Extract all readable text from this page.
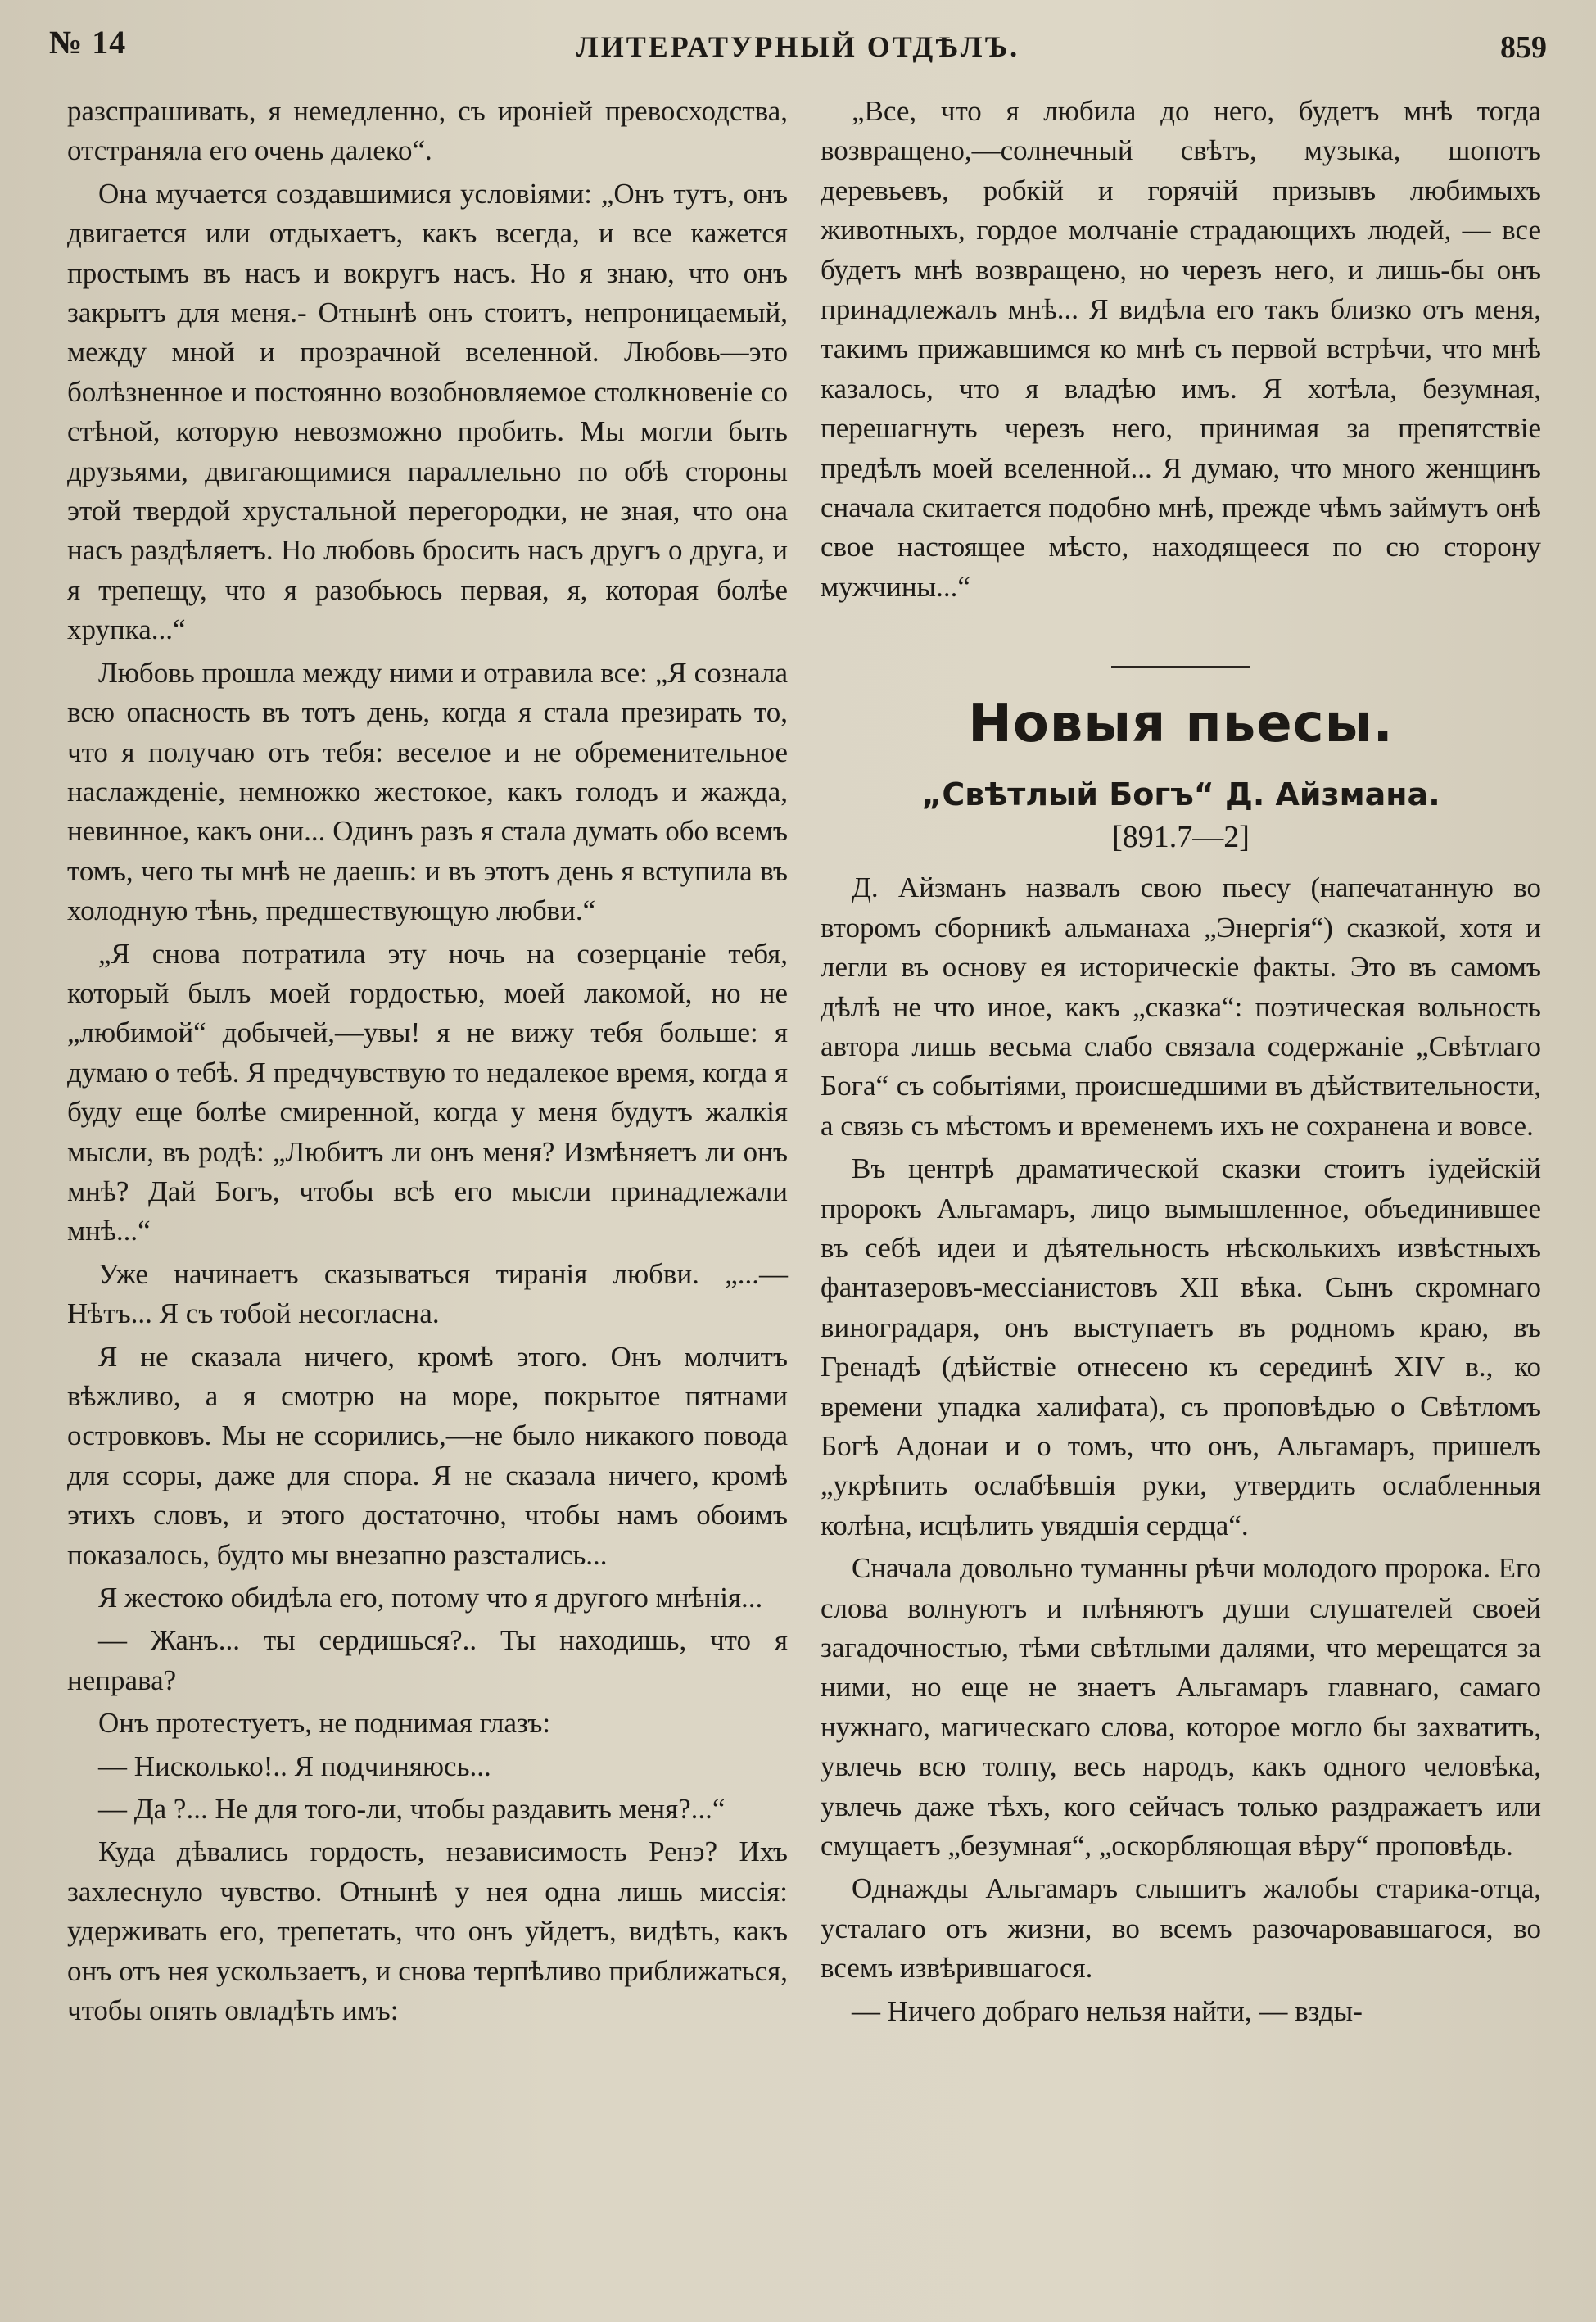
№ 14	ЛИТЕРАТУРНЫЙ ОТДѢЛЪ.	859

разспрашивать, я немедленно, съ ироніей превосходства, отстраняла его очень далеко“.

Она мучается создавшимися условіями: „Онъ тутъ, онъ двигается или отдыхаетъ, какъ всегда, и все кажется простымъ въ насъ и вокругъ насъ. Но я знаю, что онъ закрытъ для меня.- Отнынѣ онъ стоитъ, непроницаемый, между мной и прозрачной вселенной. Любовь—это болѣзненное и постоянно возобновляемое столкновеніе со стѣной, которую невозможно пробить. Мы могли быть друзьями, двигающимися параллельно по обѣ стороны этой твердой хрустальной перегородки, не зная, что она насъ раздѣляетъ. Но любовь бросить насъ другъ о друга, и я трепещу, что я разобьюсь первая, я, которая болѣе хрупка...“

Любовь прошла между ними и отравила все: „Я сознала всю опасность въ тотъ день, когда я стала презирать то, что я получаю отъ тебя: веселое и не обременительное наслажденіе, немножко жестокое, какъ голодъ и жажда, невинное, какъ они... Одинъ разъ я стала думать обо всемъ томъ, чего ты мнѣ не даешь: и въ этотъ день я вступила въ холодную тѣнь, предшествующую любви.“

„Я снова потратила эту ночь на созерцаніе тебя, который былъ моей гордостью, моей лакомой, но не „любимой“ добычей,—увы! я не вижу тебя больше: я думаю о тебѣ. Я предчувствую то недалекое время, когда я буду еще болѣе смиренной, когда у меня будутъ жалкія мысли, въ родѣ: „Любитъ ли онъ меня? Измѣняетъ ли онъ мнѣ? Дай Богъ, чтобы всѣ его мысли принадлежали мнѣ...“

Уже начинаетъ сказываться тиранія любви. „...— Нѣтъ... Я съ тобой несогласна.

Я не сказала ничего, кромѣ этого. Онъ молчитъ вѣжливо, а я смотрю на море, покрытое пятнами островковъ. Мы не ссорились,—не было никакого повода для ссоры, даже для спора. Я не сказала ничего, кромѣ этихъ словъ, и этого достаточно, чтобы намъ обоимъ показалось, будто мы внезапно разстались...

Я жестоко обидѣла его, потому что я другого мнѣнія...

— Жанъ... ты сердишься?.. Ты находишь, что я неправа?

Онъ протестуетъ, не поднимая глазъ:

— Нисколько!.. Я подчиняюсь...

— Да ?... Не для того-ли, чтобы раздавить меня?...“

Куда дѣвались гордость, независимость Ренэ? Ихъ захлеснуло чувство. Отнынѣ у нея одна лишь миссія: удерживать его, трепетать, что онъ уйдетъ, видѣть, какъ онъ отъ нея ускользаетъ, и снова терпѣливо приближаться, чтобы опять овладѣть имъ:

„Все, что я любила до него, будетъ мнѣ тогда возвращено,—солнечный свѣтъ, музыка, шопотъ деревьевъ, робкій и горячій призывъ любимыхъ животныхъ, гордое молчаніе страдающихъ людей, — все будетъ мнѣ возвращено, но черезъ него, и лишь-бы онъ принадлежалъ мнѣ... Я видѣла его такъ близко отъ меня, такимъ прижавшимся ко мнѣ съ первой встрѣчи, что мнѣ казалось, что я владѣю имъ. Я хотѣла, безумная, перешагнуть черезъ него, принимая за препятствіе предѣлъ моей вселенной... Я думаю, что много женщинъ сначала скитается подобно мнѣ, прежде чѣмъ займутъ онѣ свое настоящее мѣсто, находящееся по сю сторону мужчины...“

Новыя пьесы.
„Свѣтлый Богъ“ Д. Айзмана.
[891.7—2]

Д. Айзманъ назвалъ свою пьесу (напечатанную во второмъ сборникѣ альманаха „Энергія“) сказкой, хотя и легли въ основу ея историческіе факты. Это въ самомъ дѣлѣ не что иное, какъ „сказка“: поэтическая вольность автора лишь весьма слабо связала содержаніе „Свѣтлаго Бога“ съ событіями, происшедшими въ дѣйствительности, а связь съ мѣстомъ и временемъ ихъ не сохранена и вовсе.

Въ центрѣ драматической сказки стоитъ іудейскій пророкъ Альгамаръ, лицо вымышленное, объединившее въ себѣ идеи и дѣятельность нѣсколькихъ извѣстныхъ фантазеровъ-мессіанистовъ XII вѣка. Сынъ скромнаго виноградаря, онъ выступаетъ въ родномъ краю, въ Гренадѣ (дѣйствіе отнесено къ серединѣ XIV в., ко времени упадка халифата), съ проповѣдью о Свѣтломъ Богѣ Адонаи и о томъ, что онъ, Альгамаръ, пришелъ „укрѣпить ослабѣвшія руки, утвердить ослабленныя колѣна, исцѣлить увядшія сердца“.

Сначала довольно туманны рѣчи молодого пророка. Его слова волнуютъ и плѣняютъ души слушателей своей загадочностью, тѣми свѣтлыми далями, что мерещатся за ними, но еще не знаетъ Альгамаръ главнаго, самаго нужнаго, магическаго слова, которое могло бы захватить, увлечь всю толпу, весь народъ, какъ одного человѣка, увлечь даже тѣхъ, кого сейчасъ только раздражаетъ или смущаетъ „безумная“, „оскорбляющая вѣру“ проповѣдь.

Однажды Альгамаръ слышитъ жалобы старика-отца, усталаго отъ жизни, во всемъ разочаровавшагося, во всемъ извѣрившагося.

— Ничего добраго нельзя найти, — взды-
